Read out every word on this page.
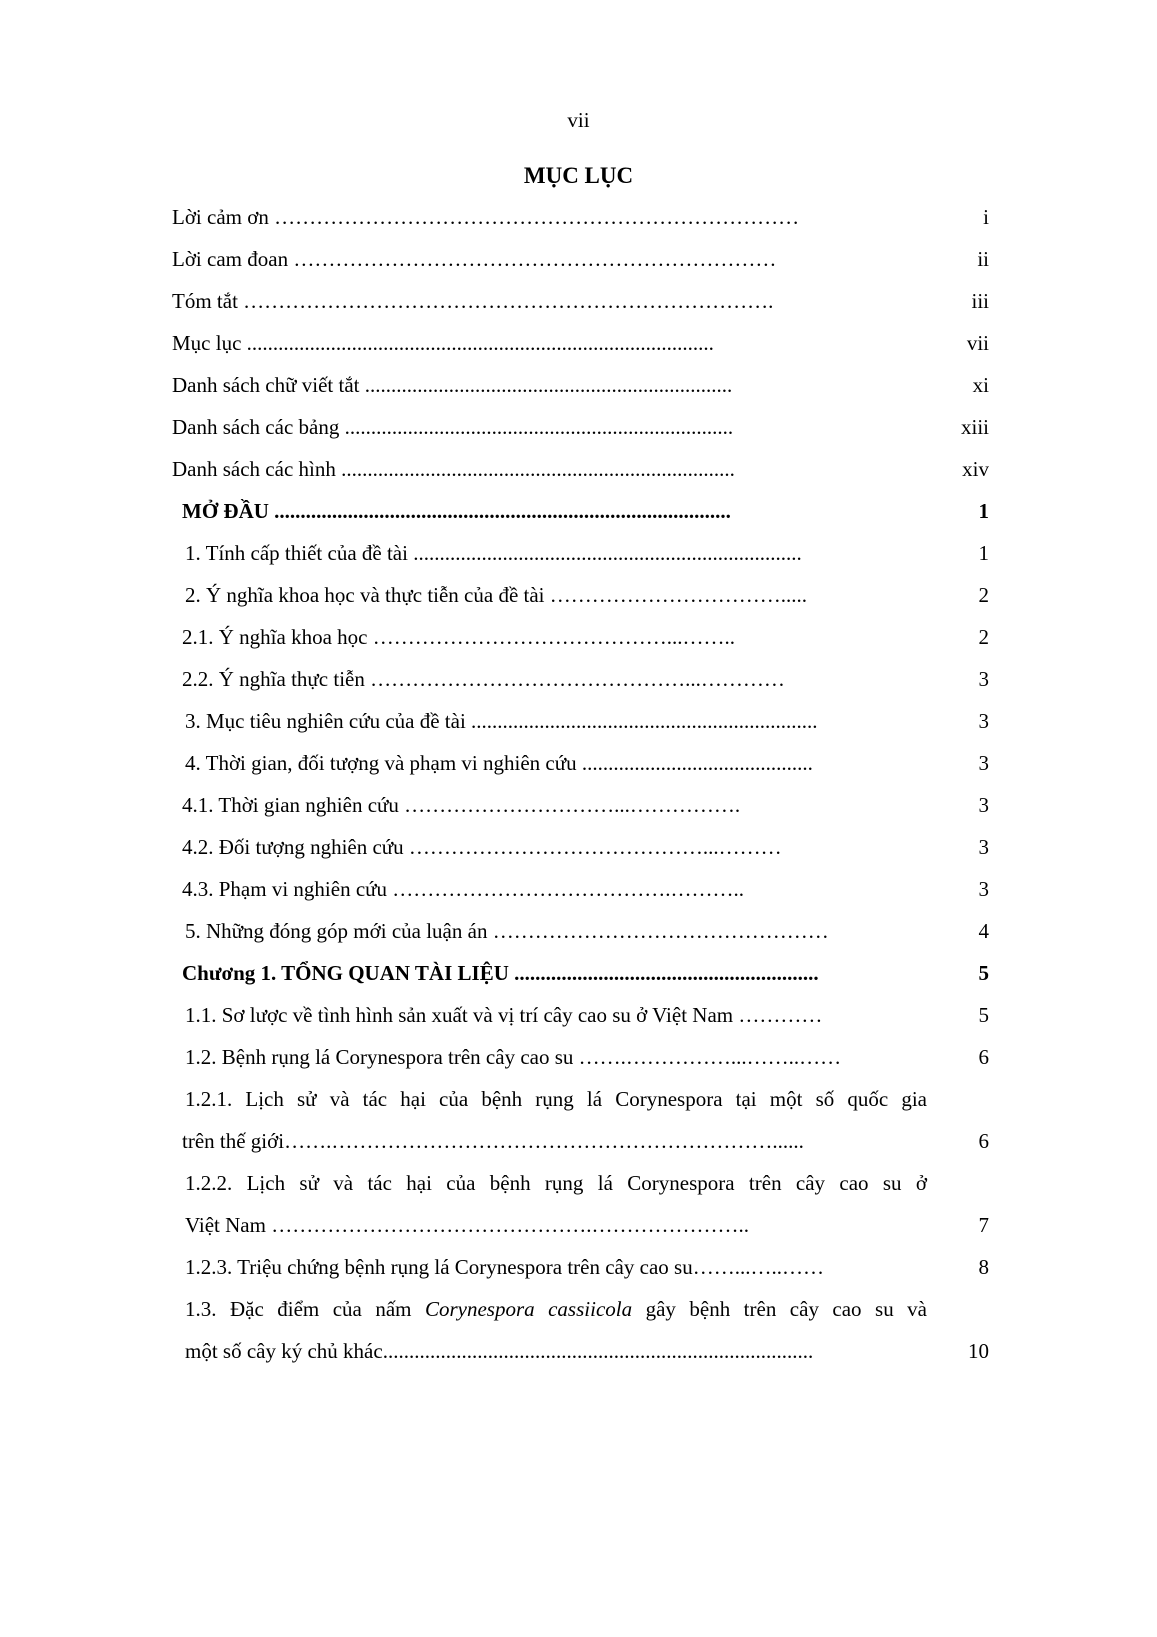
vii
MỤC LỤC
Lời cảm ơn …………………………………………………………………	i
Lời cam đoan ……………………………………………………………	ii
Tóm tắt ………………………………………………………………….	iii
Mục lục .........................................................................................	vii
Danh sách chữ viết tắt ......................................................................	xi
Danh sách các bảng ..........................................................................	xiii
Danh sách các hình ...........................................................................	xiv
MỞ ĐẦU .......................................................................................	1
1. Tính cấp thiết của đề tài ..........................................................................	1
2. Ý nghĩa khoa học và thực tiễn của đề tài …………………………….....	2
2.1. Ý nghĩa khoa học ……………………………………...……..	2
2.2. Ý nghĩa thực tiễn ………………………………………...…………	3
3. Mục tiêu nghiên cứu của đề tài ..................................................................	3
4. Thời gian, đối tượng và phạm vi nghiên cứu ............................................	3
4.1. Thời gian nghiên cứu …………………………...…………….	3
4.2. Đối tượng nghiên cứu ……………………………………...………	3
4.3. Phạm vi nghiên cứu ………………………………….………..	3
5. Những đóng góp mới của luận án …………………………………………	4
Chương 1. TỔNG QUAN TÀI LIỆU ..........................................................	5
1.1. Sơ lược về tình hình sản xuất và vị trí cây cao su ở Việt Nam …………	5
1.2. Bệnh rụng lá Corynespora trên cây cao su …….……………...……..……	6
1.2.1. Lịch sử và tác hại của bệnh rụng lá Corynespora tại một số quốc gia
trên thế giới…….………………………………………………………......	6
1.2.2. Lịch sử và tác hại của bệnh rụng lá Corynespora trên cây cao su ở
Việt Nam ……………………………………….…………………..	7
1.2.3. Triệu chứng bệnh rụng lá Corynespora trên cây cao su……...…..……	8
1.3. Đặc điểm của nấm Corynespora cassiicola gây bệnh trên cây cao su và
một số cây ký chủ khác..................................................................................	10
